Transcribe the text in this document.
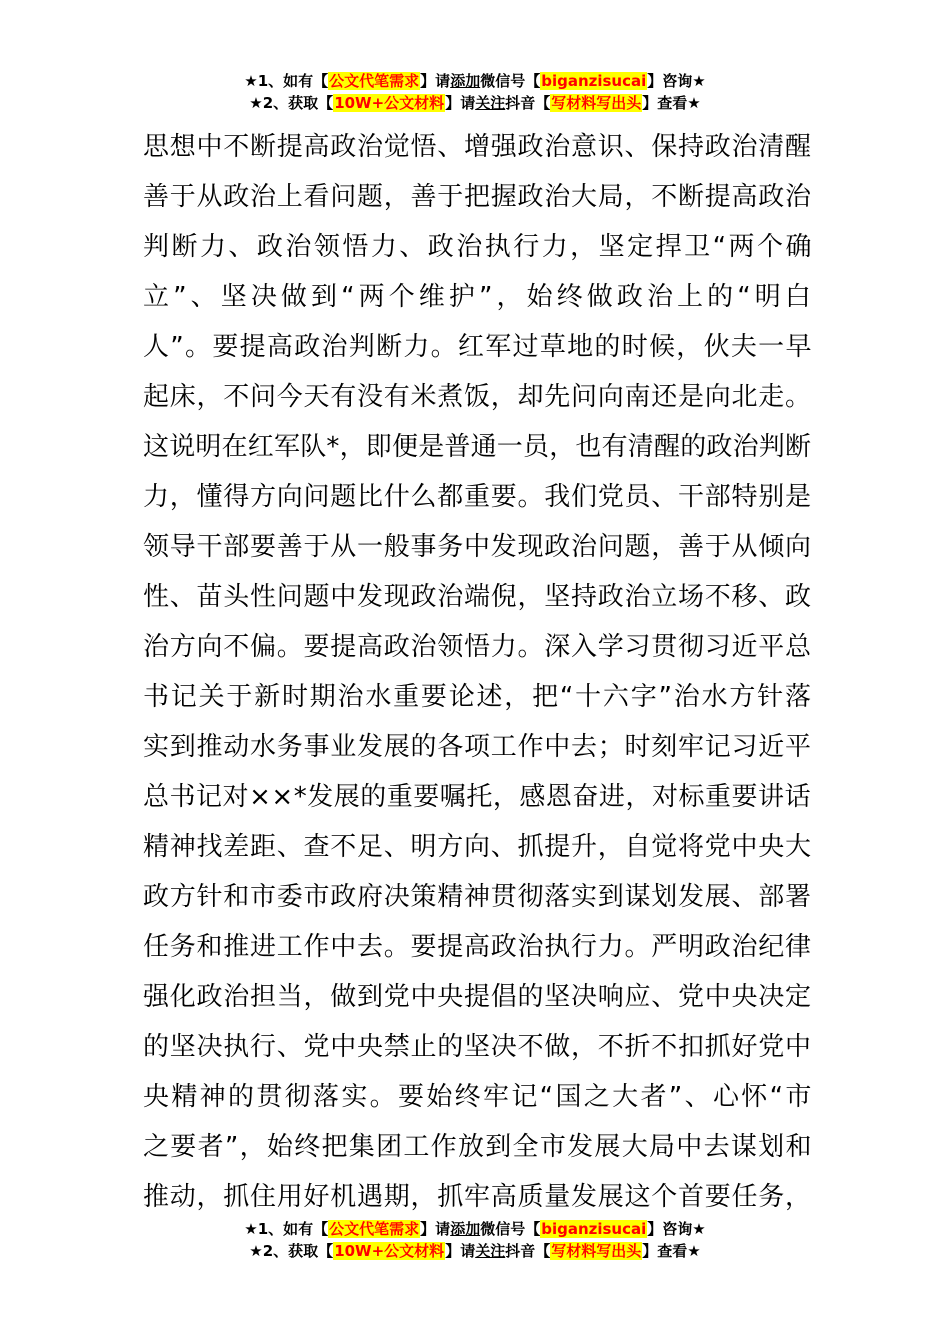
★1、如有【公文代笔需求】请添加微信号【biganzisucai】咨询★
★2、获取【10W+公文材料】请关注抖音【写材料写出头】查看★
思想中不断提高政治觉悟、增强政治意识、保持政治清醒
善于从政治上看问题，善于把握政治大局，不断提高政治
判断力、政治领悟力、政治执行力，坚定捍卫“两个确
立”、坚决做到“两个维护”，始终做政治上的“明白
人”。要提高政治判断力。红军过草地的时候，伙夫一早
起床，不问今天有没有米煮饭，却先问向南还是向北走。
这说明在红军队*，即便是普通一员，也有清醒的政治判断
力，懂得方向问题比什么都重要。我们党员、干部特别是
领导干部要善于从一般事务中发现政治问题，善于从倾向
性、苗头性问题中发现政治端倪，坚持政治立场不移、政
治方向不偏。要提高政治领悟力。深入学习贯彻习近平总
书记关于新时期治水重要论述，把“十六字”治水方针落
实到推动水务事业发展的各项工作中去；时刻牢记习近平
总书记对××*发展的重要嘱托，感恩奋进，对标重要讲话
精神找差距、查不足、明方向、抓提升，自觉将党中央大
政方针和市委市政府决策精神贯彻落实到谋划发展、部署
任务和推进工作中去。要提高政治执行力。严明政治纪律
强化政治担当，做到党中央提倡的坚决响应、党中央决定
的坚决执行、党中央禁止的坚决不做，不折不扣抓好党中
央精神的贯彻落实。要始终牢记“国之大者”、心怀“市
之要者”，始终把集团工作放到全市发展大局中去谋划和
推动，抓住用好机遇期，抓牢高质量发展这个首要任务，
★1、如有【公文代笔需求】请添加微信号【biganzisucai】咨询★
★2、获取【10W+公文材料】请关注抖音【写材料写出头】查看★
